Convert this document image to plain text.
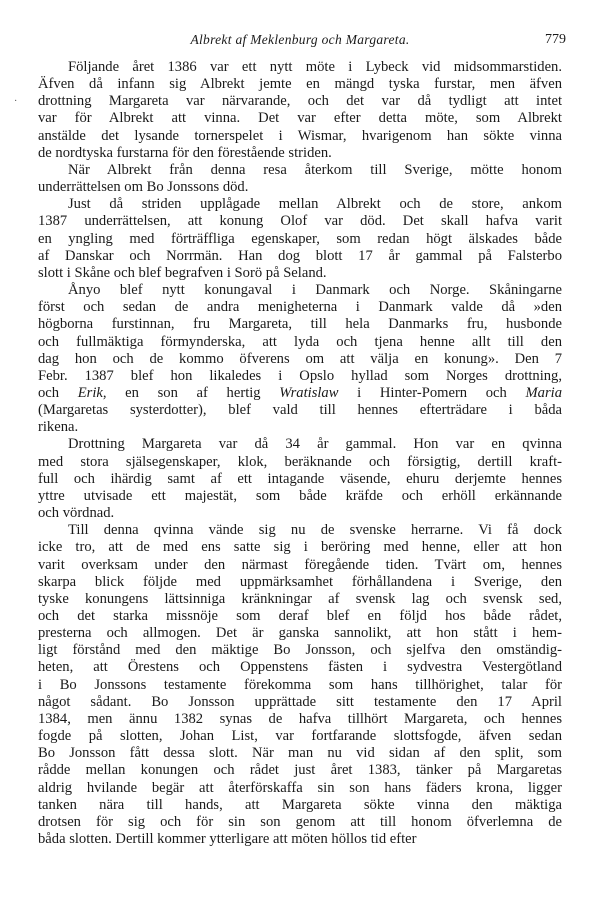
Albrekt af Meklenburg och Margareta.	779
·
Följande året 1386 var ett nytt möte i Lybeck vid midsommarstiden.
Äfven då infann sig Albrekt jemte en mängd tyska furstar, men äfven
drottning Margareta var närvarande, och det var då tydligt att intet
var för Albrekt att vinna. Det var efter detta möte, som Albrekt
anstälde det lysande tornerspelet i Wismar, hvarigenom han sökte vinna
de nordtyska furstarna för den förestående striden.
När Albrekt från denna resa återkom till Sverige, mötte honom
underrättelsen om Bo Jonssons död.
Just då striden upplågade mellan Albrekt och de store, ankom
1387 underrättelsen, att konung Olof var död. Det skall hafva varit
en yngling med förträffliga egenskaper, som redan högt älskades både
af Danskar och Norrmän. Han dog blott 17 år gammal på Falsterbo
slott i Skåne och blef begrafven i Sorö på Seland.
Ånyo blef nytt konungaval i Danmark och Norge. Skåningarne
först och sedan de andra menigheterna i Danmark valde då »den
högborna furstinnan, fru Margareta, till hela Danmarks fru, husbonde
och fullmäktiga förmynderska, att lyda och tjena henne allt till den
dag hon och de kommo öfverens om att välja en konung». Den 7
Febr. 1387 blef hon likaledes i Opslo hyllad som Norges drottning,
och Erik, en son af hertig Wratislaw i Hinter-Pomern och Maria
(Margaretas systerdotter), blef vald till hennes efterträdare i båda
rikena.
Drottning Margareta var då 34 år gammal. Hon var en qvinna
med stora själsegenskaper, klok, beräknande och försigtig, dertill kraft-
full och ihärdig samt af ett intagande väsende, ehuru derjemte hennes
yttre utvisade ett majestät, som både kräfde och erhöll erkännande
och vördnad.
Till denna qvinna vände sig nu de svenske herrarne. Vi få dock
icke tro, att de med ens satte sig i beröring med henne, eller att hon
varit overksam under den närmast föregående tiden. Tvärt om, hennes
skarpa blick följde med uppmärksamhet förhållandena i Sverige, den
tyske konungens lättsinniga kränkningar af svensk lag och svensk sed,
och det starka missnöje som deraf blef en följd hos både rådet,
presterna och allmogen. Det är ganska sannolikt, att hon stått i hem-
ligt förstånd med den mäktige Bo Jonsson, och sjelfva den omständig-
heten, att Örestens och Oppenstens fästen i sydvestra Vestergötland
i Bo Jonssons testamente förekomma som hans tillhörighet, talar för
något sådant. Bo Jonsson upprättade sitt testamente den 17 April
1384, men ännu 1382 synas de hafva tillhört Margareta, och hennes
fogde på slotten, Johan List, var fortfarande slottsfogde, äfven sedan
Bo Jonsson fått dessa slott. När man nu vid sidan af den split, som
rådde mellan konungen och rådet just året 1383, tänker på Margaretas
aldrig hvilande begär att återförskaffa sin son hans fäders krona, ligger
tanken nära till hands, att Margareta sökte vinna den mäktiga
drotsen för sig och för sin son genom att till honom öfverlemna de
båda slotten. Dertill kommer ytterligare att möten höllos tid efter
